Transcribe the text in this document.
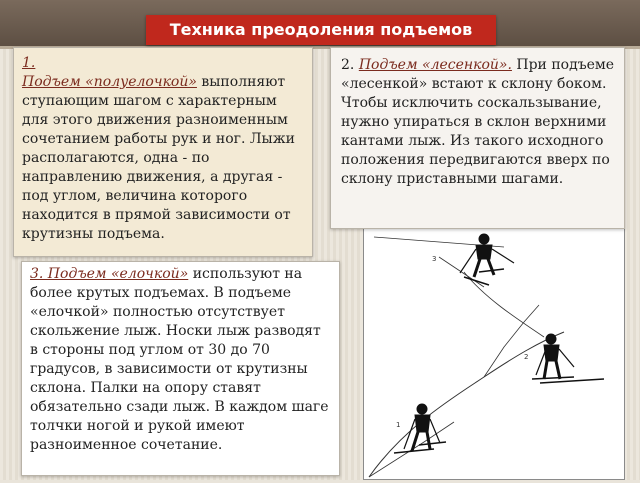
Техника преодоления подъемов
1.
Подъем «полуелочкой» выполняют ступающим шагом с характерным для этого движения разноименным сочетанием работы рук и ног. Лыжи располагаются, одна - по направлению движения, а другая - под углом, величина которого находится в прямой зависимости от крутизны подъема.
3
2
1
2. Подъем «лесенкой». При подъеме «лесенкой» встают к склону боком. Чтобы исключить соскальзывание, нужно упираться в склон верхними кантами лыж. Из такого исходного положения передвигаются вверх по склону приставными шагами.
3. Подъем «елочкой» используют на более крутых подъемах. В подъеме «елочкой» полностью отсутствует скольжение лыж. Носки лыж разводят в стороны под углом от 30 до 70 градусов, в зависимости от крутизны склона. Палки на опору ставят обязательно сзади лыж. В каждом шаге толчки ногой и рукой имеют разноименное сочетание.
